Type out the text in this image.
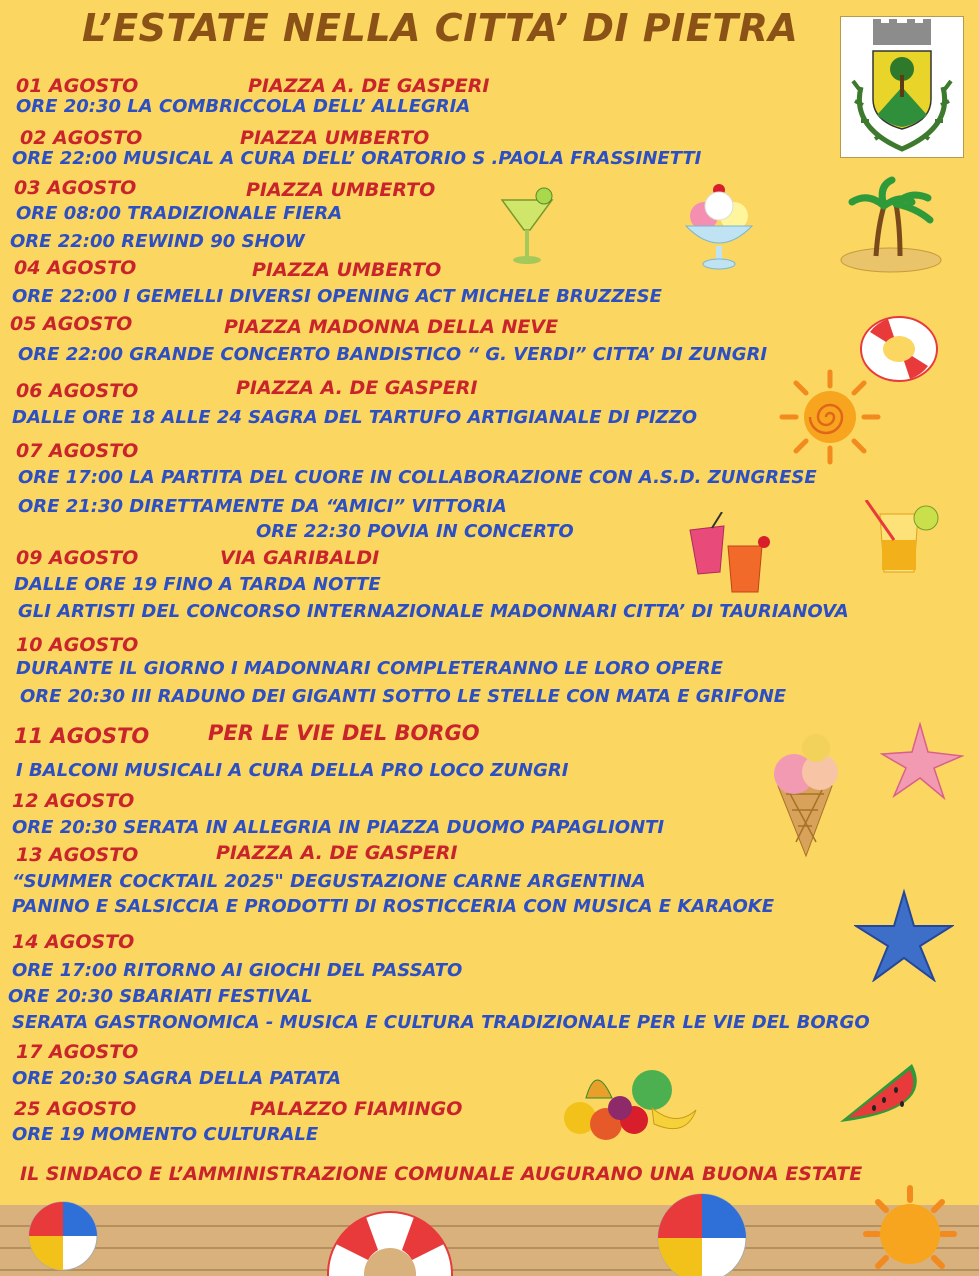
L’ESTATE NELLA CITTA’ DI PIETRA
01 AGOSTO	PIAZZA A. DE GASPERI
ORE 20:30 LA COMBRICCOLA DELL’ ALLEGRIA
02 AGOSTO	PIAZZA UMBERTO
ORE 22:00 MUSICAL A CURA DELL’ ORATORIO S .PAOLA FRASSINETTI
03 AGOSTO	PIAZZA UMBERTO
ORE 08:00 TRADIZIONALE FIERA
ORE 22:00 REWIND 90 SHOW
04 AGOSTO	PIAZZA UMBERTO
ORE 22:00 I GEMELLI DIVERSI OPENING ACT MICHELE BRUZZESE
05 AGOSTO	PIAZZA MADONNA DELLA NEVE
ORE 22:00 GRANDE CONCERTO BANDISTICO “ G. VERDI” CITTA’ DI ZUNGRI
06 AGOSTO	PIAZZA A. DE GASPERI
DALLE ORE 18 ALLE 24 SAGRA DEL TARTUFO ARTIGIANALE DI PIZZO
07 AGOSTO
ORE 17:00 LA PARTITA DEL CUORE IN COLLABORAZIONE CON A.S.D. ZUNGRESE
ORE 21:30 DIRETTAMENTE DA “AMICI” VITTORIA
ORE 22:30 POVIA IN CONCERTO
09 AGOSTO	VIA GARIBALDI
DALLE ORE 19 FINO A TARDA NOTTE
GLI ARTISTI DEL CONCORSO INTERNAZIONALE MADONNARI CITTA’ DI TAURIANOVA
10 AGOSTO
DURANTE IL GIORNO I MADONNARI COMPLETERANNO LE LORO OPERE
ORE 20:30 III RADUNO DEI GIGANTI SOTTO LE STELLE CON MATA E GRIFONE
11 AGOSTO	PER LE VIE DEL BORGO
I BALCONI MUSICALI A CURA DELLA PRO LOCO ZUNGRI
12 AGOSTO
ORE 20:30 SERATA IN ALLEGRIA IN PIAZZA DUOMO PAPAGLIONTI
13 AGOSTO	PIAZZA A. DE GASPERI
“SUMMER COCKTAIL 2025" DEGUSTAZIONE CARNE ARGENTINA
PANINO E SALSICCIA E PRODOTTI DI ROSTICCERIA CON MUSICA E KARAOKE
14 AGOSTO
ORE 17:00 RITORNO AI GIOCHI DEL PASSATO
ORE 20:30 SBARIATI FESTIVAL
SERATA GASTRONOMICA - MUSICA E CULTURA TRADIZIONALE PER LE VIE DEL BORGO
17 AGOSTO
ORE 20:30 SAGRA DELLA PATATA
25 AGOSTO	PALAZZO FIAMINGO
ORE 19 MOMENTO CULTURALE
IL SINDACO E L’AMMINISTRAZIONE COMUNALE AUGURANO UNA BUONA ESTATE
